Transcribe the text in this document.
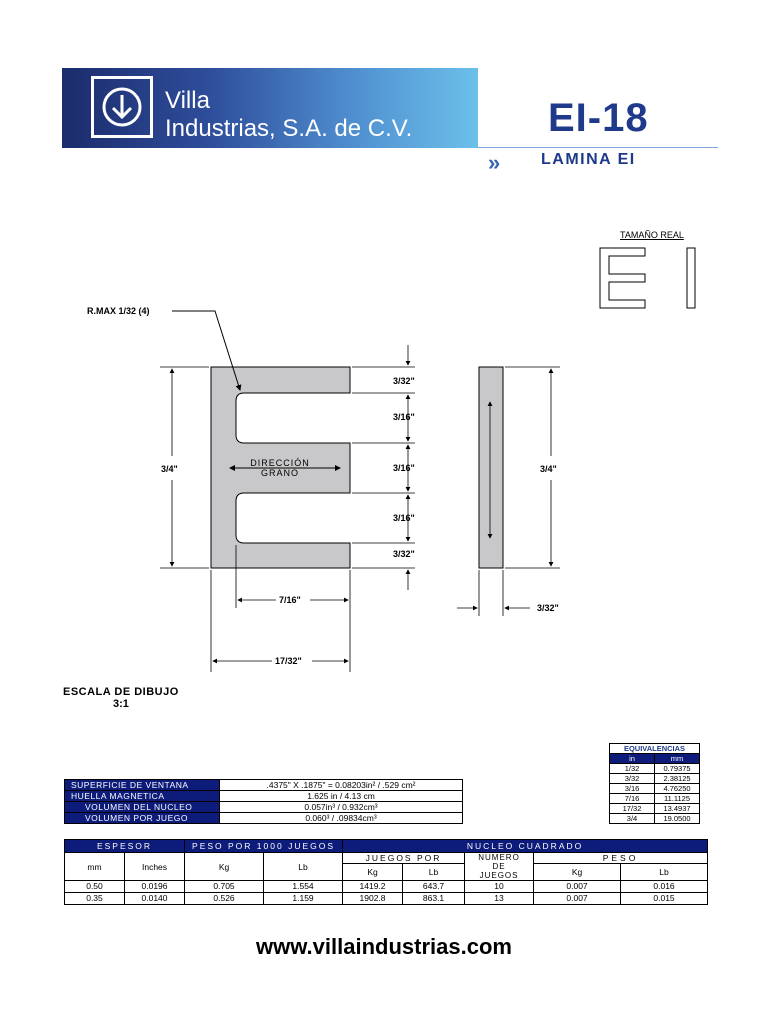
Villa
Industrias, S.A. de C.V.	EI-18
»	LAMINA EI
TAMAÑO REAL
R.MAX 1/32 (4)
DIRECCIÓN
GRANO
3/32"
3/16"
3/16"
3/16"
3/32"
3/4"	3/4"
7/16"
17/32"
3/32"
ESCALA DE DIBUJO
3:1
EQUIVALENCIAS	
in	mm
1/32	0.79375
3/32	2.38125
3/16	4.76250
7/16	11.1125
17/32	13.4937
3/4	19.0500
SUPERFICIE DE VENTANA	.4375" X .1875" = 0.08203in² / .529 cm²
HUELLA MAGNETICA	1.625 in / 4.13 cm
VOLUMEN DEL NUCLEO	0.057in³ / 0.932cm³
VOLUMEN POR JUEGO	0.060³ / .09834cm³
ESPESOR		PESO POR 1000 JUEGOS		NUCLEO CUADRADO				
mm	Inches	Kg	Lb	JUEGOS POR		NUMERO
DE
JUEGOS	PESO	
				Kg	Lb		Kg	Lb
0.50	0.0196	0.705	1.554	1419.2	643.7	10	0.007	0.016
0.35	0.0140	0.526	1.159	1902.8	863.1	13	0.007	0.015
www.villaindustrias.com
